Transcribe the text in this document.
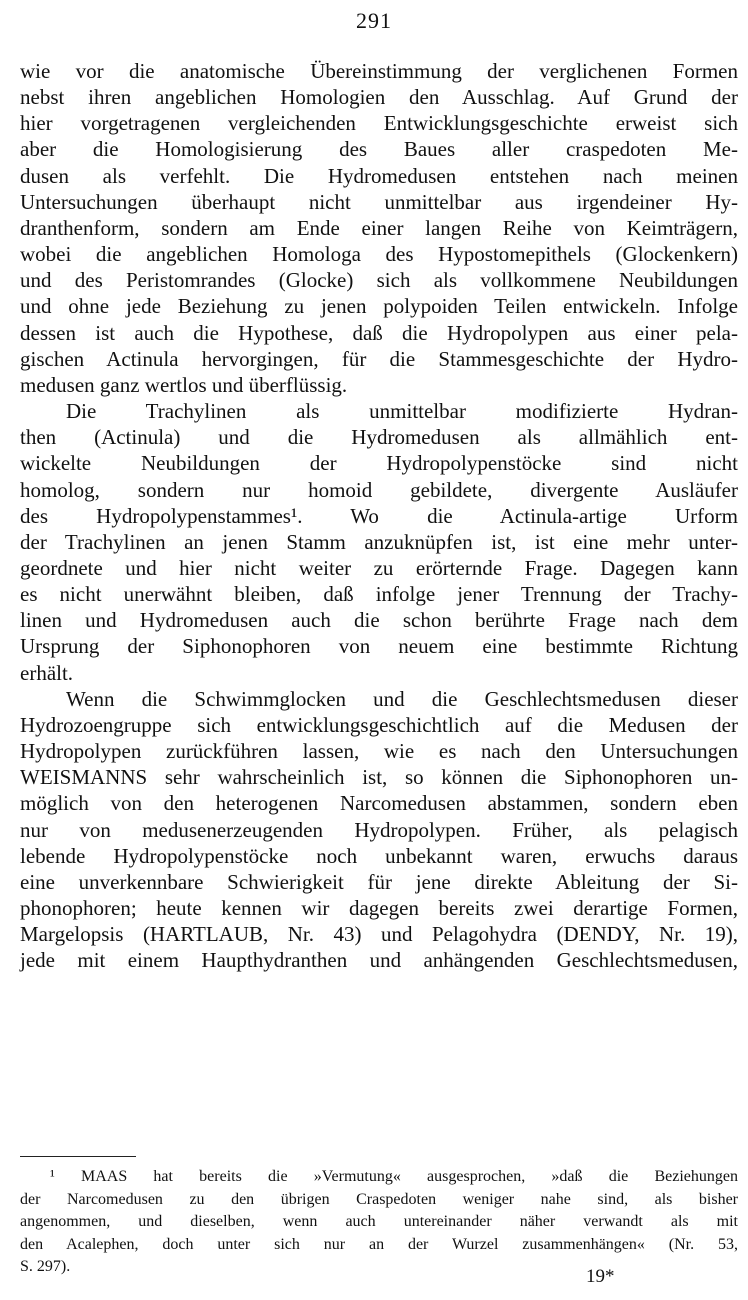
291

wie vor die anatomische Übereinstimmung der verglichenen Formen
nebst ihren angeblichen Homologien den Ausschlag. Auf Grund der
hier vorgetragenen vergleichenden Entwicklungsgeschichte erweist sich
aber die Homologisierung des Baues aller craspedoten Me-
dusen als verfehlt. Die Hydromedusen entstehen nach meinen
Untersuchungen überhaupt nicht unmittelbar aus irgendeiner Hy-
dranthenform, sondern am Ende einer langen Reihe von Keimträgern,
wobei die angeblichen Homologa des Hypostomepithels (Glockenkern)
und des Peristomrandes (Glocke) sich als vollkommene Neubildungen
und ohne jede Beziehung zu jenen polypoiden Teilen entwickeln. Infolge
dessen ist auch die Hypothese, daß die Hydropolypen aus einer pela-
gischen Actinula hervorgingen, für die Stammesgeschichte der Hydro-
medusen ganz wertlos und überflüssig.

Die Trachylinen als unmittelbar modifizierte Hydran-
then (Actinula) und die Hydromedusen als allmählich ent-
wickelte Neubildungen der Hydropolypenstöcke sind nicht
homolog, sondern nur homoid gebildete, divergente Ausläufer
des Hydropolypenstammes¹. Wo die Actinula-artige Urform
der Trachylinen an jenen Stamm anzuknüpfen ist, ist eine mehr unter-
geordnete und hier nicht weiter zu erörternde Frage. Dagegen kann
es nicht unerwähnt bleiben, daß infolge jener Trennung der Trachy-
linen und Hydromedusen auch die schon berührte Frage nach dem
Ursprung der Siphonophoren von neuem eine bestimmte Richtung
erhält.

Wenn die Schwimmglocken und die Geschlechtsmedusen dieser
Hydrozoengruppe sich entwicklungsgeschichtlich auf die Medusen der
Hydropolypen zurückführen lassen, wie es nach den Untersuchungen
WEISMANNS sehr wahrscheinlich ist, so können die Siphonophoren un-
möglich von den heterogenen Narcomedusen abstammen, sondern eben
nur von medusenerzeugenden Hydropolypen. Früher, als pelagisch
lebende Hydropolypenstöcke noch unbekannt waren, erwuchs daraus
eine unverkennbare Schwierigkeit für jene direkte Ableitung der Si-
phonophoren; heute kennen wir dagegen bereits zwei derartige Formen,
Margelopsis (HARTLAUB, Nr. 43) und Pelagohydra (DENDY, Nr. 19),
jede mit einem Haupthydranthen und anhängenden Geschlechtsmedusen,

¹ MAAS hat bereits die »Vermutung« ausgesprochen, »daß die Beziehungen
der Narcomedusen zu den übrigen Craspedoten weniger nahe sind, als bisher
angenommen, und dieselben, wenn auch untereinander näher verwandt als mit
den Acalephen, doch unter sich nur an der Wurzel zusammenhängen« (Nr. 53,
S. 297).	19*
